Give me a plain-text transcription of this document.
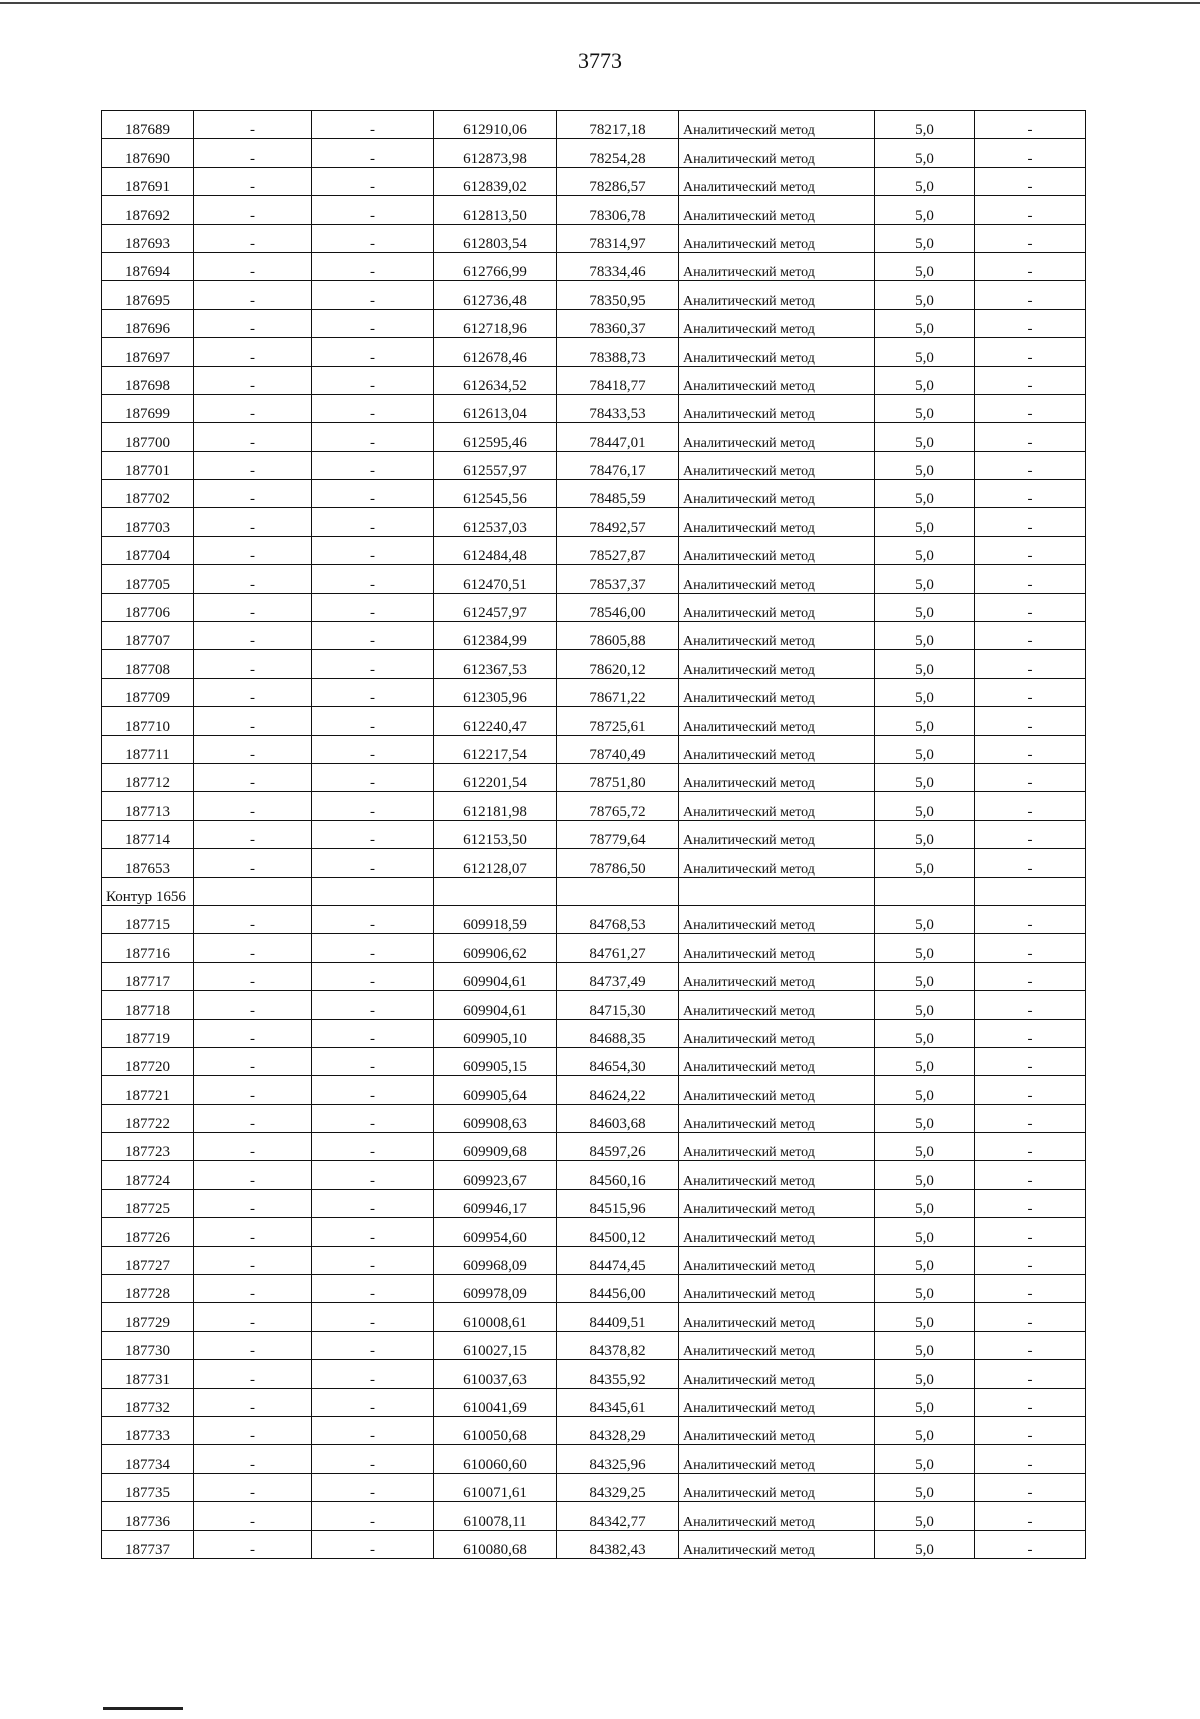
3773
187689	-	-	612910,06	78217,18	Аналитический метод	5,0	-
187690	-	-	612873,98	78254,28	Аналитический метод	5,0	-
187691	-	-	612839,02	78286,57	Аналитический метод	5,0	-
187692	-	-	612813,50	78306,78	Аналитический метод	5,0	-
187693	-	-	612803,54	78314,97	Аналитический метод	5,0	-
187694	-	-	612766,99	78334,46	Аналитический метод	5,0	-
187695	-	-	612736,48	78350,95	Аналитический метод	5,0	-
187696	-	-	612718,96	78360,37	Аналитический метод	5,0	-
187697	-	-	612678,46	78388,73	Аналитический метод	5,0	-
187698	-	-	612634,52	78418,77	Аналитический метод	5,0	-
187699	-	-	612613,04	78433,53	Аналитический метод	5,0	-
187700	-	-	612595,46	78447,01	Аналитический метод	5,0	-
187701	-	-	612557,97	78476,17	Аналитический метод	5,0	-
187702	-	-	612545,56	78485,59	Аналитический метод	5,0	-
187703	-	-	612537,03	78492,57	Аналитический метод	5,0	-
187704	-	-	612484,48	78527,87	Аналитический метод	5,0	-
187705	-	-	612470,51	78537,37	Аналитический метод	5,0	-
187706	-	-	612457,97	78546,00	Аналитический метод	5,0	-
187707	-	-	612384,99	78605,88	Аналитический метод	5,0	-
187708	-	-	612367,53	78620,12	Аналитический метод	5,0	-
187709	-	-	612305,96	78671,22	Аналитический метод	5,0	-
187710	-	-	612240,47	78725,61	Аналитический метод	5,0	-
187711	-	-	612217,54	78740,49	Аналитический метод	5,0	-
187712	-	-	612201,54	78751,80	Аналитический метод	5,0	-
187713	-	-	612181,98	78765,72	Аналитический метод	5,0	-
187714	-	-	612153,50	78779,64	Аналитический метод	5,0	-
187653	-	-	612128,07	78786,50	Аналитический метод	5,0	-
Контур 1656							
187715	-	-	609918,59	84768,53	Аналитический метод	5,0	-
187716	-	-	609906,62	84761,27	Аналитический метод	5,0	-
187717	-	-	609904,61	84737,49	Аналитический метод	5,0	-
187718	-	-	609904,61	84715,30	Аналитический метод	5,0	-
187719	-	-	609905,10	84688,35	Аналитический метод	5,0	-
187720	-	-	609905,15	84654,30	Аналитический метод	5,0	-
187721	-	-	609905,64	84624,22	Аналитический метод	5,0	-
187722	-	-	609908,63	84603,68	Аналитический метод	5,0	-
187723	-	-	609909,68	84597,26	Аналитический метод	5,0	-
187724	-	-	609923,67	84560,16	Аналитический метод	5,0	-
187725	-	-	609946,17	84515,96	Аналитический метод	5,0	-
187726	-	-	609954,60	84500,12	Аналитический метод	5,0	-
187727	-	-	609968,09	84474,45	Аналитический метод	5,0	-
187728	-	-	609978,09	84456,00	Аналитический метод	5,0	-
187729	-	-	610008,61	84409,51	Аналитический метод	5,0	-
187730	-	-	610027,15	84378,82	Аналитический метод	5,0	-
187731	-	-	610037,63	84355,92	Аналитический метод	5,0	-
187732	-	-	610041,69	84345,61	Аналитический метод	5,0	-
187733	-	-	610050,68	84328,29	Аналитический метод	5,0	-
187734	-	-	610060,60	84325,96	Аналитический метод	5,0	-
187735	-	-	610071,61	84329,25	Аналитический метод	5,0	-
187736	-	-	610078,11	84342,77	Аналитический метод	5,0	-
187737	-	-	610080,68	84382,43	Аналитический метод	5,0	-
